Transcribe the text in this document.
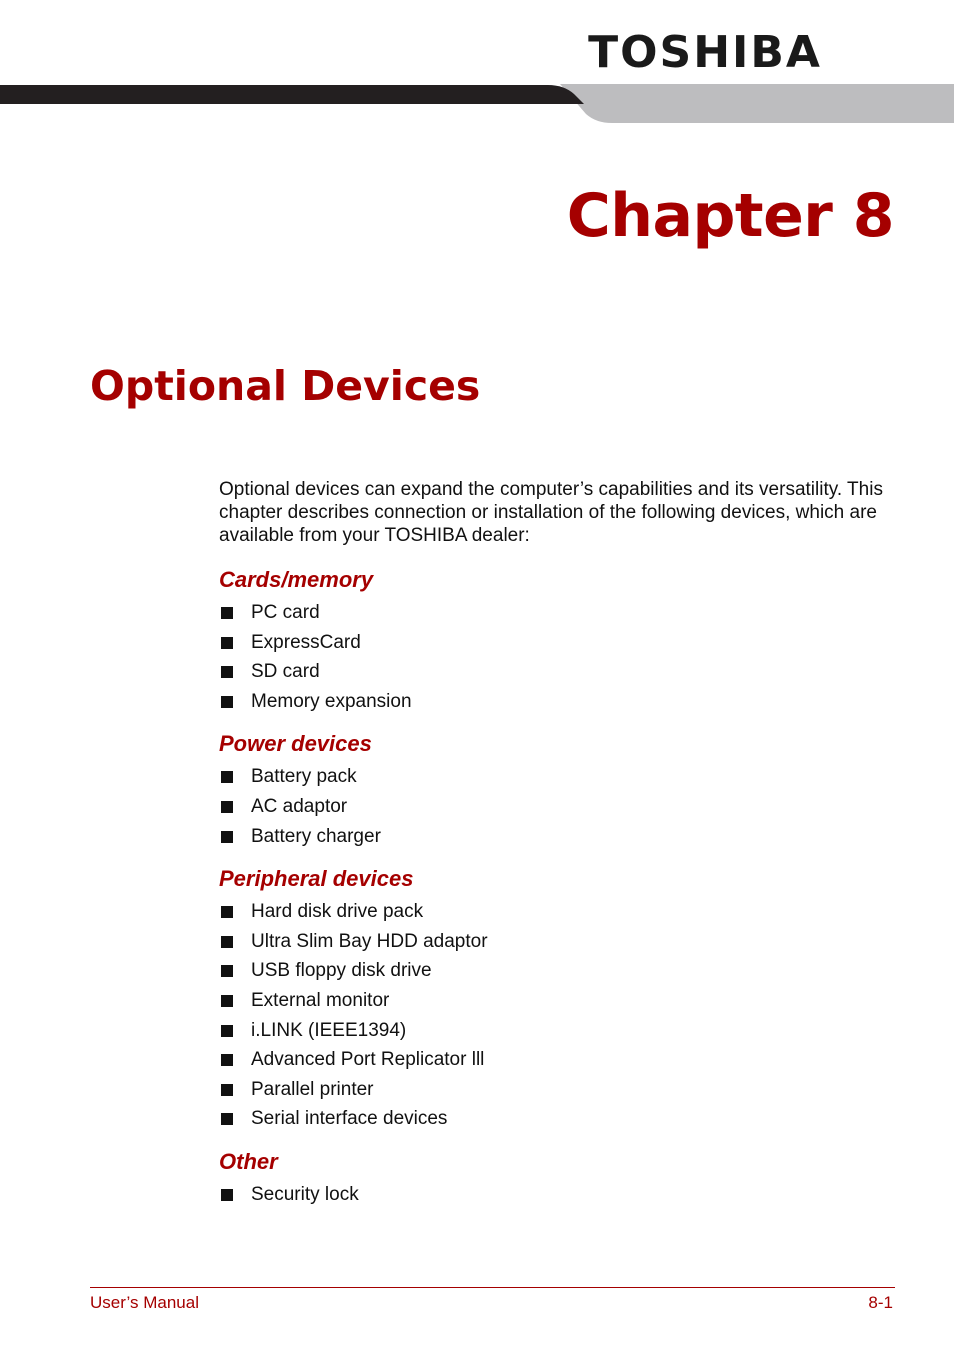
TOSHIBA
Chapter 8
Optional Devices

Optional devices can expand the computer’s capabilities and its versatility. This chapter describes connection or installation of the following devices, which are available from your TOSHIBA dealer:

Cards/memory
PC card
ExpressCard
SD card
Memory expansion
Power devices
Battery pack
AC adaptor
Battery charger
Peripheral devices
Hard disk drive pack
Ultra Slim Bay HDD adaptor
USB floppy disk drive
External monitor
i.LINK (IEEE1394)
Advanced Port Replicator lll
Parallel printer
Serial interface devices
Other
Security lock
User’s Manual	8-1
